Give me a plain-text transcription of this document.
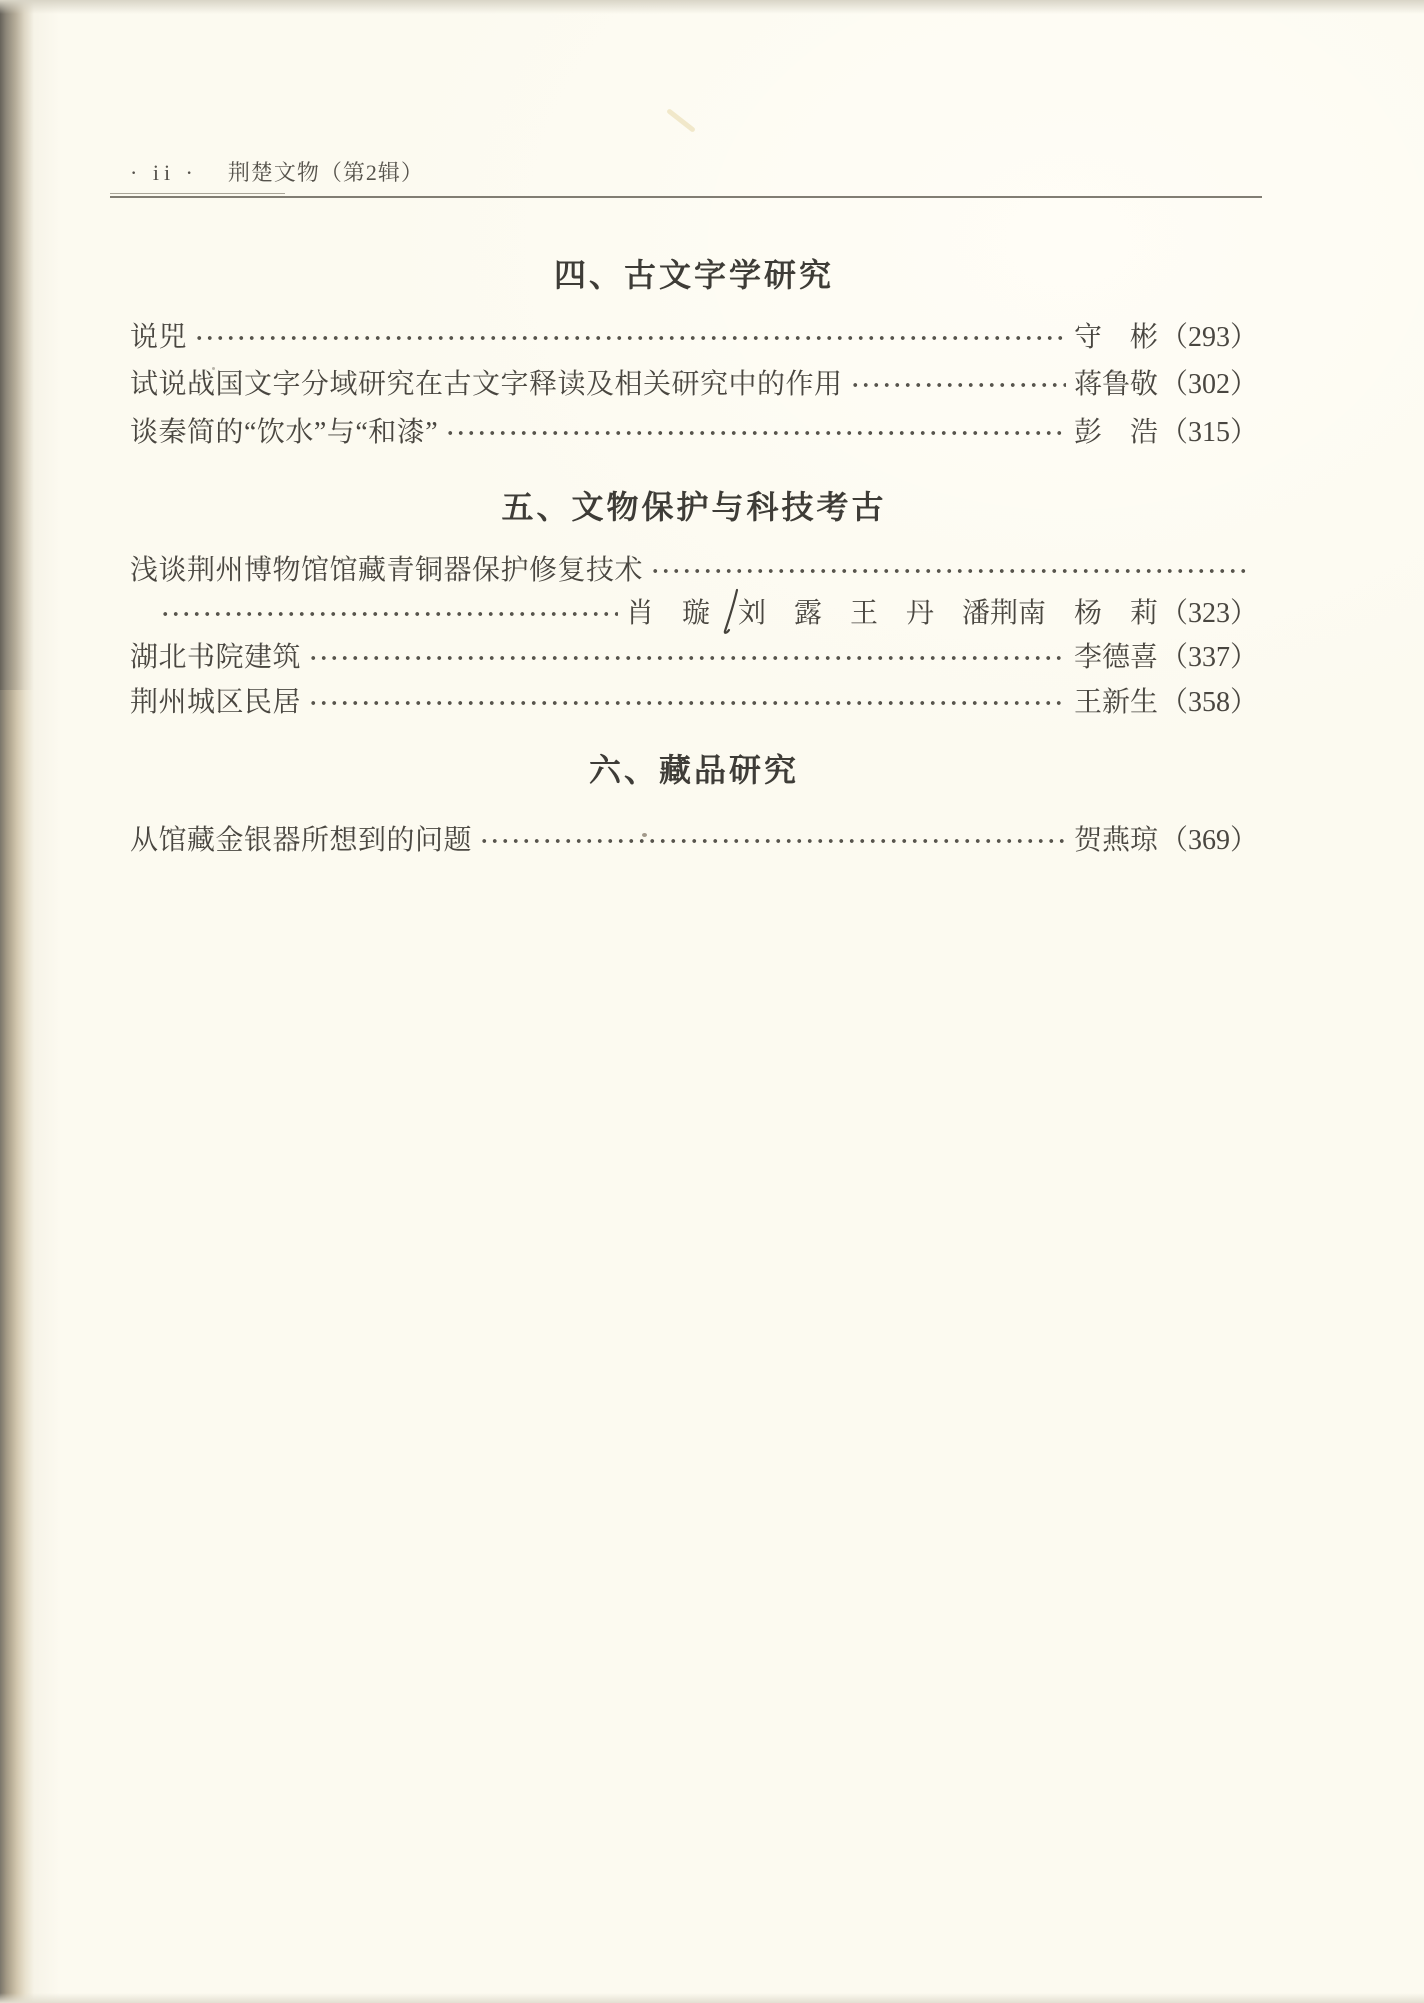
· ii · 荆楚文物（第2辑）
四、古文字学研究
说兕	守　彬 （293）
试说战国文字分域研究在古文字释读及相关研究中的作用	蒋鲁敬 （302）
谈秦简的“饮水”与“和漆”	彭　浩 （315）
五、文物保护与科技考古
浅谈荆州博物馆馆藏青铜器保护修复技术
肖　璇　刘　露　王　丹　潘荆南　杨　莉 （323）
湖北书院建筑	李德喜 （337）
荆州城区民居	王新生 （358）
六、藏品研究
从馆藏金银器所想到的问题	贺燕琼 （369）
